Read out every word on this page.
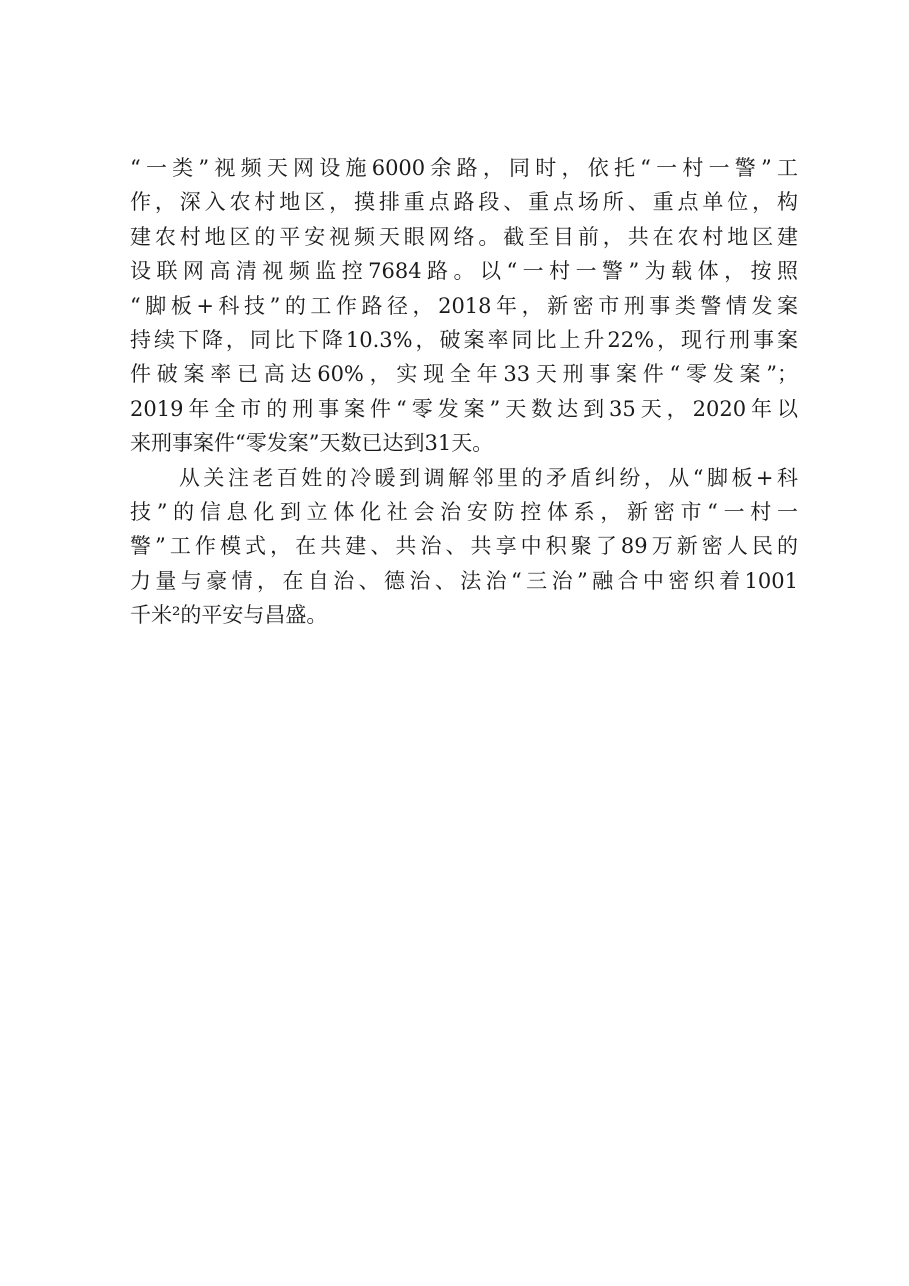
“一类”视频天网设施6000余路，同时，依托“一村一警”工
作，深入农村地区，摸排重点路段、重点场所、重点单位，构
建农村地区的平安视频天眼网络。截至目前，共在农村地区建
设联网高清视频监控7684路。以“一村一警”为载体，按照
“脚板+科技”的工作路径，2018年，新密市刑事类警情发案
持续下降，同比下降10.3%，破案率同比上升22%，现行刑事案
件破案率已高达60%，实现全年33天刑事案件“零发案”；
2019年全市的刑事案件“零发案”天数达到35天，2020年以
来刑事案件“零发案”天数已达到31天。
　　从关注老百姓的冷暖到调解邻里的矛盾纠纷，从“脚板+科
技”的信息化到立体化社会治安防控体系，新密市“一村一
警”工作模式，在共建、共治、共享中积聚了89万新密人民的
力量与豪情，在自治、德治、法治“三治”融合中密织着1001
千米²的平安与昌盛。
